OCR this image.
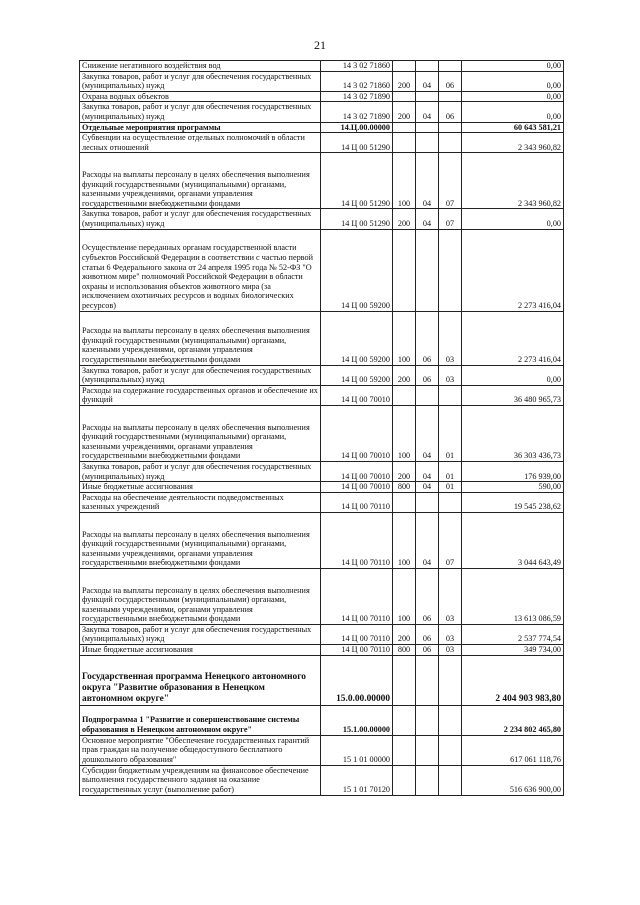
21
Снижение негативного воздействия вод	14 3 02 71860				0,00
Закупка товаров, работ и услуг для обеспечения государственных (муниципальных) нужд	14 3 02 71860	200	04	06	0,00
Охрана водных объектов	14 3 02 71890				0,00
Закупка товаров, работ и услуг для обеспечения государственных (муниципальных) нужд	14 3 02 71890	200	04	06	0,00
Отдельные мероприятия программы	14.Ц.00.00000				60 643 581,21
Субвенции на осуществление отдельных полномочий в области лесных отношений	14 Ц 00 51290				2 343 960,82
Расходы на выплаты персоналу в целях обеспечения выполнения функций государственными (муниципальными) органами, казенными учреждениями, органами управления государственными внебюджетными фондами	14 Ц 00 51290	100	04	07	2 343 960,82
Закупка товаров, работ и услуг для обеспечения государственных (муниципальных) нужд	14 Ц 00 51290	200	04	07	0,00
Осуществление переданных органам государственной власти субъектов Российской Федерации в соответствии с частью первой статьи 6 Федерального закона от 24 апреля 1995 года № 52-ФЗ "О животном мире" полномочий Российской Федерации в области охраны и использования объектов животного мира (за исключением охотничьих ресурсов и водных биологических ресурсов)	14 Ц 00 59200				2 273 416,04
Расходы на выплаты персоналу в целях обеспечения выполнения функций государственными (муниципальными) органами, казенными учреждениями, органами управления государственными внебюджетными фондами	14 Ц 00 59200	100	06	03	2 273 416,04
Закупка товаров, работ и услуг для обеспечения государственных (муниципальных) нужд	14 Ц 00 59200	200	06	03	0,00
Расходы на содержание государственных органов и обеспечение их функций	14 Ц 00 70010				36 480 965,73
Расходы на выплаты персоналу в целях обеспечения выполнения функций государственными (муниципальными) органами, казенными учреждениями, органами управления государственными внебюджетными фондами	14 Ц 00 70010	100	04	01	36 303 436,73
Закупка товаров, работ и услуг для обеспечения государственных (муниципальных) нужд	14 Ц 00 70010	200	04	01	176 939,00
Иные бюджетные ассигнования	14 Ц 00 70010	800	04	01	590,00
Расходы на обеспечение деятельности подведомственных казенных учреждений	14 Ц 00 70110				19 545 238,62
Расходы на выплаты персоналу в целях обеспечения выполнения функций государственными (муниципальными) органами, казенными учреждениями, органами управления государственными внебюджетными фондами	14 Ц 00 70110	100	04	07	3 044 643,49
Расходы на выплаты персоналу в целях обеспечения выполнения функций государственными (муниципальными) органами, казенными учреждениями, органами управления государственными внебюджетными фондами	14 Ц 00 70110	100	06	03	13 613 086,59
Закупка товаров, работ и услуг для обеспечения государственных (муниципальных) нужд	14 Ц 00 70110	200	06	03	2 537 774,54
Иные бюджетные ассигнования	14 Ц 00 70110	800	06	03	349 734,00
Государственная программа Ненецкого автономного округа "Развитие образования в Ненецком автономном округе"	15.0.00.00000				2 404 903 983,80
Подпрограмма 1 "Развитие и совершенствование системы образования в Ненецком автономном округе"	15.1.00.00000				2 234 802 465,80
Основное мероприятие "Обеспечение государственных гарантий прав граждан на получение общедоступного бесплатного дошкольного образования"	15 1 01 00000				617 061 118,76
Субсидии бюджетным учреждениям на финансовое обеспечение выполнения государственного задания на оказание государственных услуг (выполнение работ)	15 1 01 70120				516 636 900,00
